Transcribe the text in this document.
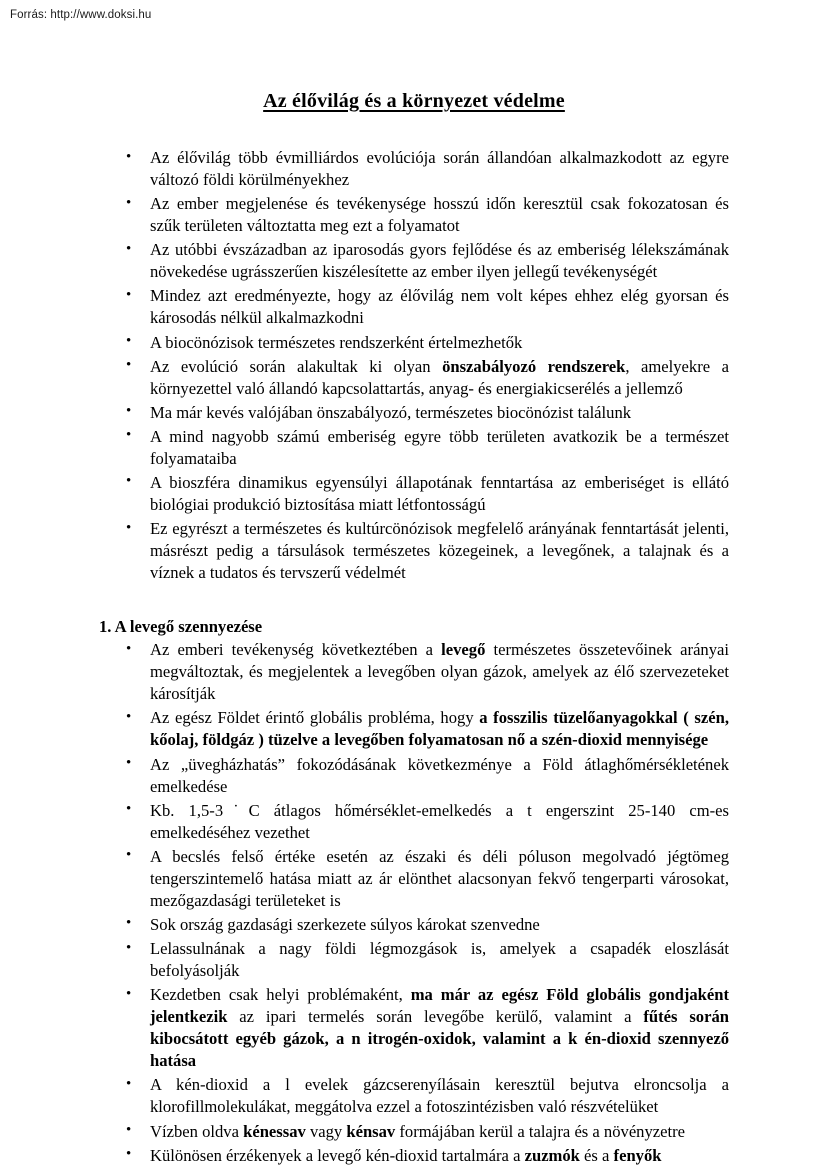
Forrás: http://www.doksi.hu
Az élővilág és a környezet védelme
• Az élővilág több évmilliárdos evolúciója során állandóan alkalmazkodott az egyre változó földi körülményekhez
• Az ember megjelenése és tevékenysége hosszú időn keresztül csak fokozatosan és szűk területen változtatta meg ezt a folyamatot
• Az utóbbi évszázadban az iparosodás gyors fejlődése és az emberiség lélekszámának növekedése ugrásszerűen kiszélesítette az ember ilyen jellegű tevékenységét
• Mindez azt eredményezte, hogy az élővilág nem volt képes ehhez elég gyorsan és károsodás nélkül alkalmazkodni
• A biocönózisok természetes rendszerként értelmezhetők
• Az evolúció során alakultak ki olyan önszabályozó rendszerek, amelyekre a környezettel való állandó kapcsolattartás, anyag- és energiakicserélés a jellemző
• Ma már kevés valójában önszabályozó, természetes biocönózist találunk
• A mind nagyobb számú emberiség egyre több területen avatkozik be a természet folyamataiba
• A bioszféra dinamikus egyensúlyi állapotának fenntartása az emberiséget is ellátó biológiai produkció biztosítása miatt létfontosságú
• Ez egyrészt a természetes és kultúrcönózisok megfelelő arányának fenntartását jelenti, másrészt pedig a társulások természetes közegeinek, a levegőnek, a talajnak és a víznek a tudatos és tervszerű védelmét
1. A levegő szennyezése
• Az emberi tevékenység következtében a levegő természetes összetevőinek arányai megváltoztak, és megjelentek a levegőben olyan gázok, amelyek az élő szervezeteket károsítják
• Az egész Földet érintő globális probléma, hogy a fosszilis tüzelőanyagokkal ( szén, kőolaj, földgáz ) tüzelve a levegőben folyamatosan nő a szén-dioxid mennyisége
• Az „üvegházhatás” fokozódásának következménye a Föld átlaghőmérsékletének emelkedése
• Kb. 1,5-3˙C átlagos hőmérséklet-emelkedés a t engerszint 25-140 cm-es emelkedéséhez vezethet
• A becslés felső értéke esetén az északi és déli póluson megolvadó jégtömeg tengerszintemelő hatása miatt az ár elönthet alacsonyan fekvő tengerparti városokat, mezőgazdasági területeket is
• Sok ország gazdasági szerkezete súlyos károkat szenvedne
• Lelassulnának a nagy földi légmozgások is, amelyek a csapadék eloszlását befolyásolják
• Kezdetben csak helyi problémaként, ma már az egész Föld globális gondjaként jelentkezik az ipari termelés során levegőbe kerülő, valamint a fűtés során kibocsátott egyéb gázok, a n itrogén-oxidok, valamint a k én-dioxid szennyező hatása
• A kén-dioxid a l evelek gázcserenyílásain keresztül bejutva elroncsolja a klorofillmolekulákat, meggátolva ezzel a fotoszintézisben való részvételüket
• Vízben oldva kénessav vagy kénsav formájában kerül a talajra és a növényzetre
• Különösen érzékenyek a levegő kén-dioxid tartalmára a zuzmók és a fenyők
